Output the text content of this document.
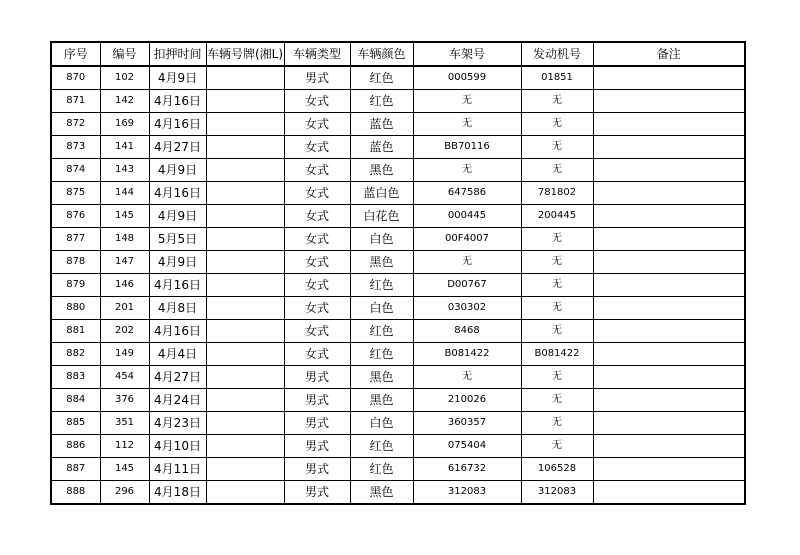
序号	编号	扣押时间	车辆号牌(湘L)	车辆类型	车辆颜色	车架号	发动机号	备注
870	102	4月9日		男式	红色	000599	01851	
871	142	4月16日		女式	红色	无	无	
872	169	4月16日		女式	蓝色	无	无	
873	141	4月27日		女式	蓝色	BB70116	无	
874	143	4月9日		女式	黑色	无	无	
875	144	4月16日		女式	蓝白色	647586	781802	
876	145	4月9日		女式	白花色	000445	200445	
877	148	5月5日		女式	白色	00F4007	无	
878	147	4月9日		女式	黑色	无	无	
879	146	4月16日		女式	红色	D00767	无	
880	201	4月8日		女式	白色	030302	无	
881	202	4月16日		女式	红色	8468	无	
882	149	4月4日		女式	红色	B081422	B081422	
883	454	4月27日		男式	黑色	无	无	
884	376	4月24日		男式	黑色	210026	无	
885	351	4月23日		男式	白色	360357	无	
886	112	4月10日		男式	红色	075404	无	
887	145	4月11日		男式	红色	616732	106528	
888	296	4月18日		男式	黑色	312083	312083	
